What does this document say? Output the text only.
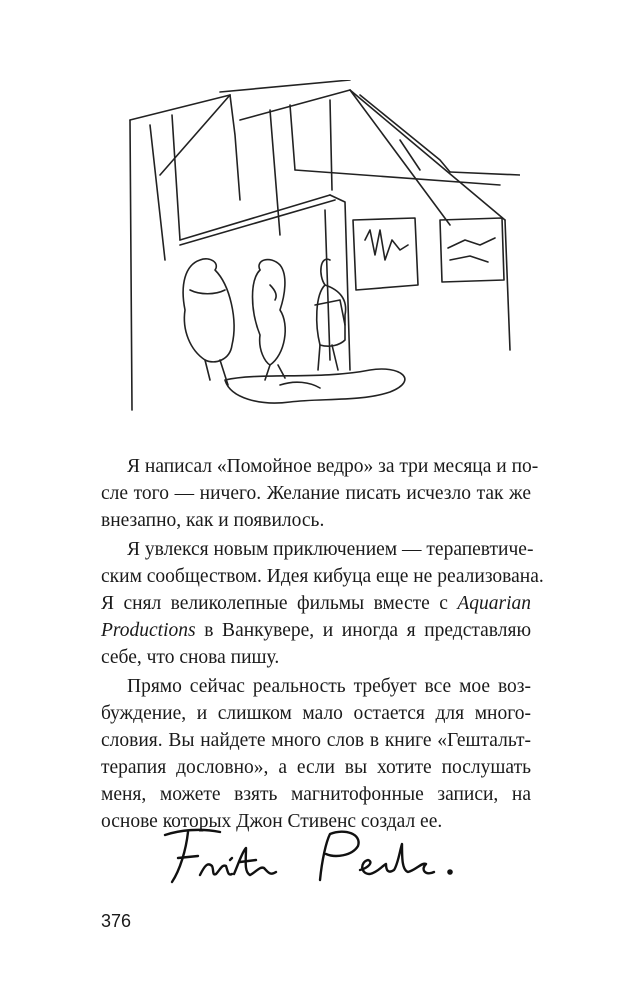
Я написал «Помойное ведро» за три месяца и по-
сле того — ничего. Желание писать исчезло так же
внезапно, как и появилось.
Я увлекся новым приключением — терапевтиче-
ским сообществом. Идея кибуца еще не реализована.
Я снял великолепные фильмы вместе с Aquarian
Productions в Ванкувере, и иногда я представляю
себе, что снова пишу.
Прямо сейчас реальность требует все мое воз-
буждение, и слишком мало остается для много-
словия. Вы найдете много слов в книге «Гештальт-
терапия дословно», а если вы хотите послушать
меня, можете взять магнитофонные записи, на
основе которых Джон Стивенс создал ее.
376
